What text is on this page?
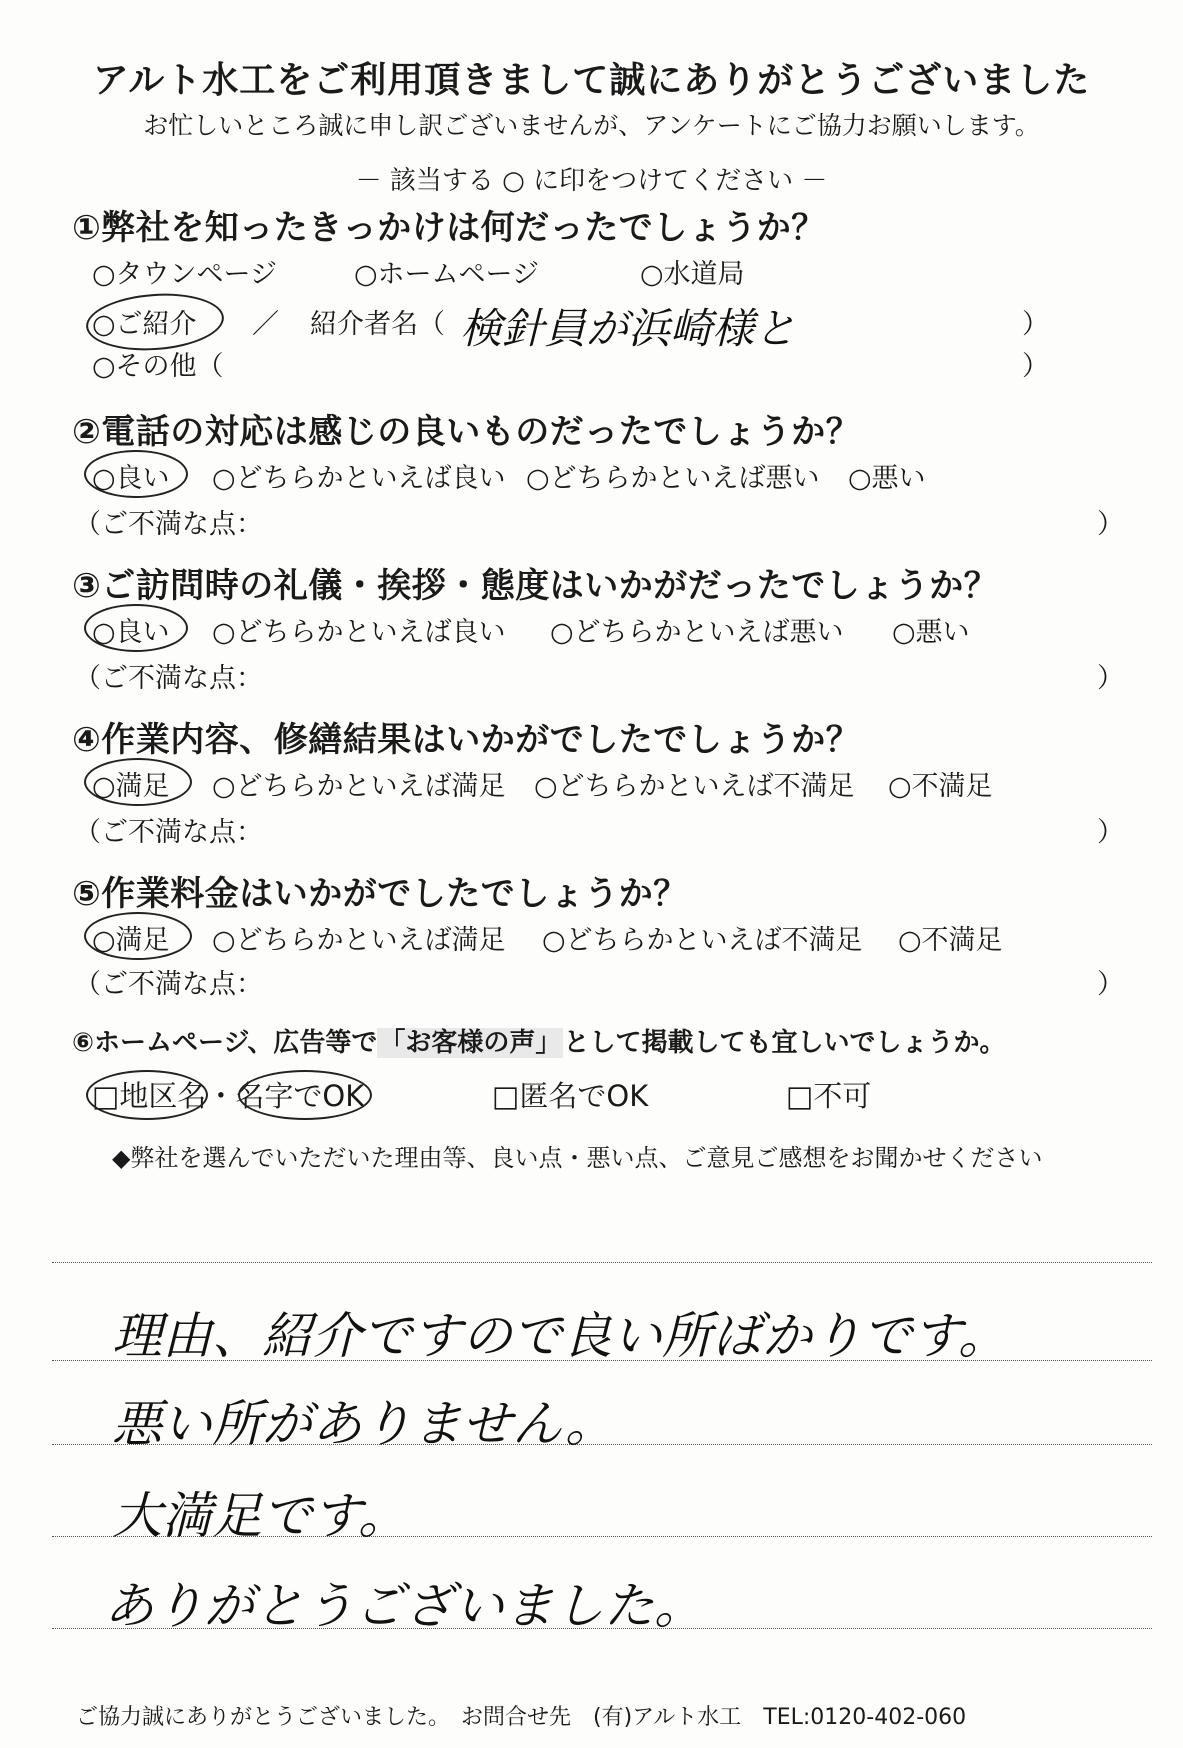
アルト水工をご利用頂きまして誠にありがとうございました
お忙しいところ誠に申し訳ございませんが、アンケートにご協力お願いします。
－ 該当する ○ に印をつけてください －
①弊社を知ったきっかけは何だったでしょうか？
○タウンページ	○ホームページ	○水道局
○ご紹介 ／ 紹介者名（ 検針員が浜崎様と	）
○その他（	）
②電話の対応は感じの良いものだったでしょうか？
○良い ○どちらかといえば良い ○どちらかといえば悪い ○悪い
（ご不満な点：	）
③ご訪問時の礼儀・挨拶・態度はいかがだったでしょうか？
○良い ○どちらかといえば良い ○どちらかといえば悪い ○悪い
（ご不満な点：	）
④作業内容、修繕結果はいかがでしたでしょうか？
○満足 ○どちらかといえば満足 ○どちらかといえば不満足 ○不満足
（ご不満な点：	）
⑤作業料金はいかがでしたでしょうか？
○満足 ○どちらかといえば満足 ○どちらかといえば不満足 ○不満足
（ご不満な点：	）
⑥ホームページ、広告等で「お客様の声」として掲載しても宜しいでしょうか。
□地区名・名字でOK	□匿名でOK	□不可
◆弊社を選んでいただいた理由等、良い点・悪い点、ご意見ご感想をお聞かせください
理由、紹介ですので良い所ばかりです。
悪い所がありません。
大満足です。
ありがとうございました。
ご協力誠にありがとうございました。　お問合せ先　(有)アルト水工　TEL:0120-402-060
